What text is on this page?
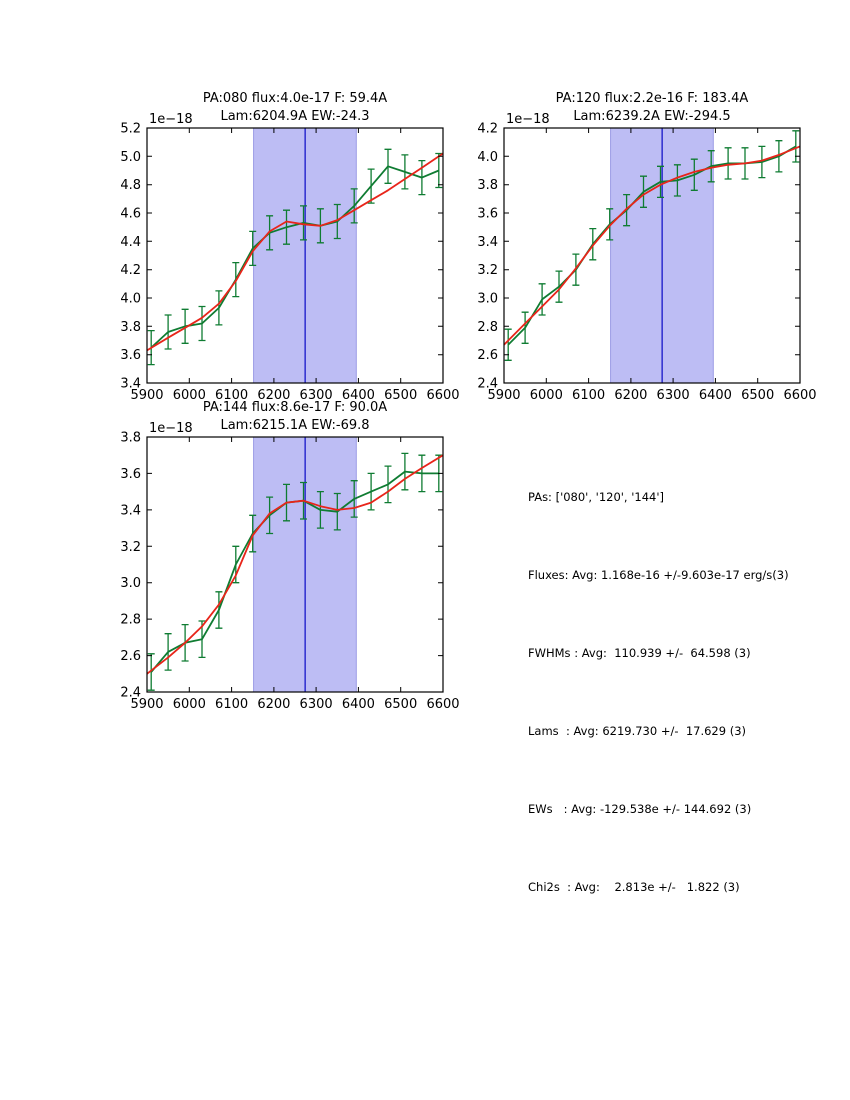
5900 6000 6100 6200 6300 6400 6500 6600
3.4
3.6
3.8
4.0
4.2
4.4
4.6
4.8
5.0
5.2
1e−18
PA:080 flux:4.0e-17 F: 59.4A
Lam:6204.9A EW:-24.3
5900 6000 6100 6200 6300 6400 6500 6600
2.4
2.6
2.8
3.0
3.2
3.4
3.6
3.8
4.0
4.2
1e−18
PA:120 flux:2.2e-16 F: 183.4A
Lam:6239.2A EW:-294.5
5900 6000 6100 6200 6300 6400 6500 6600
2.4
2.6
2.8
3.0
3.2
3.4
3.6
3.8
1e−18
PA:144 flux:8.6e-17 F: 90.0A
Lam:6215.1A EW:-69.8

PAs: ['080', '120', '144']

Fluxes: Avg: 1.168e-16 +/-9.603e-17 erg/s(3)

FWHMs : Avg:  110.939 +/-  64.598 (3)

Lams  : Avg: 6219.730 +/-  17.629 (3)

EWs   : Avg: -129.538e +/- 144.692 (3)

Chi2s  : Avg:    2.813e +/-   1.822 (3)
